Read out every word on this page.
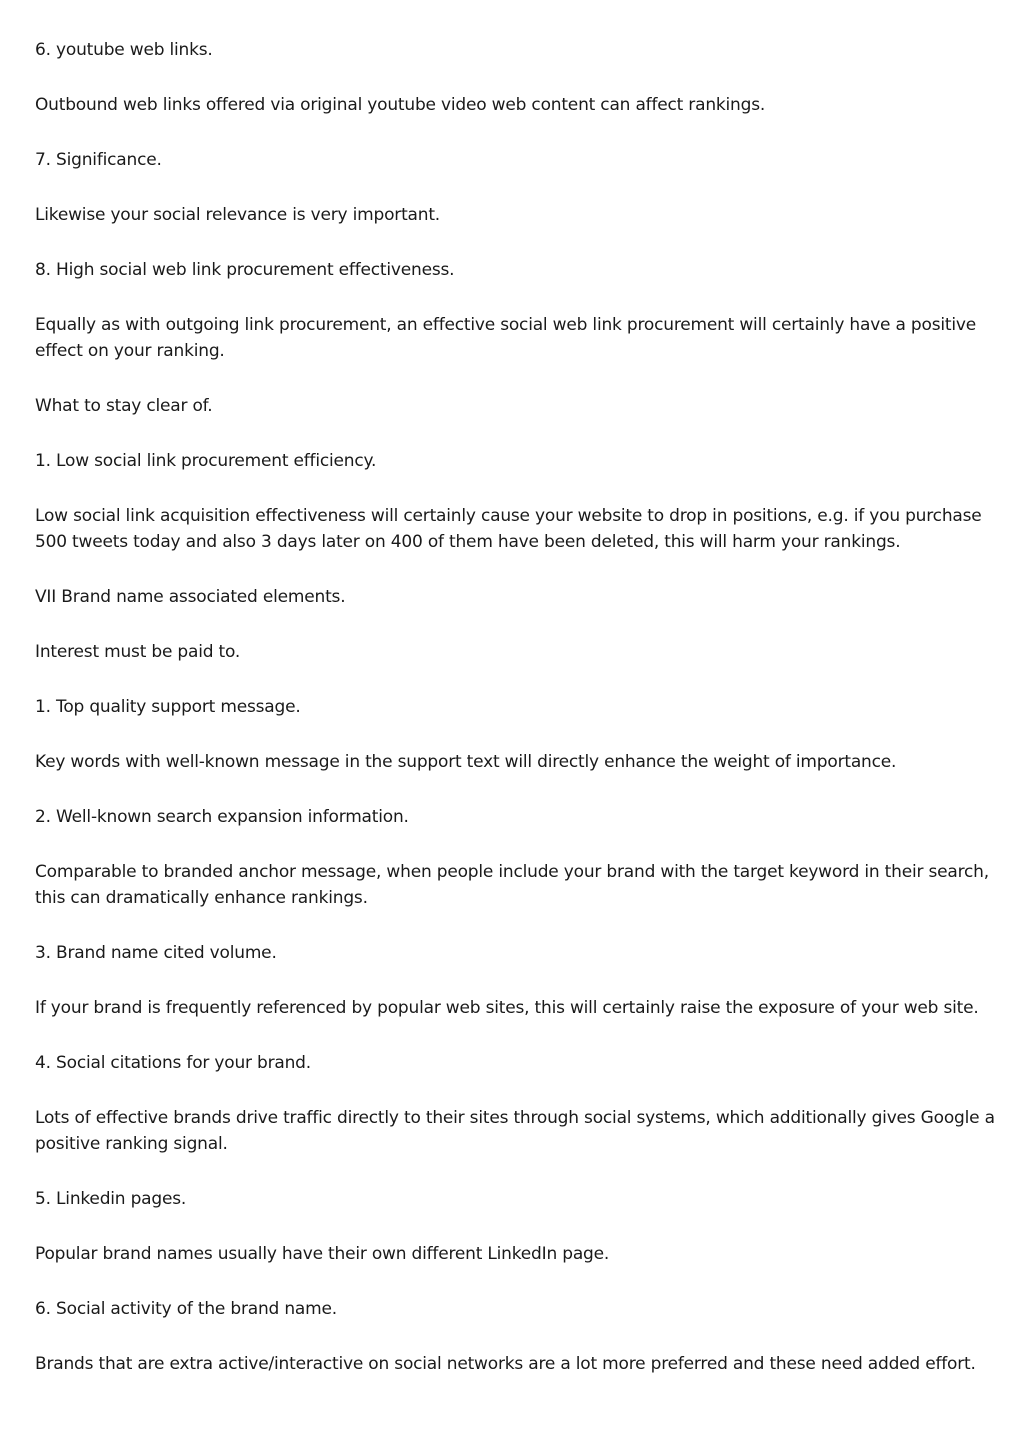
6. youtube web links.

Outbound web links offered via original youtube video web content can affect rankings.

7. Significance.

Likewise your social relevance is very important.

8. High social web link procurement effectiveness.

Equally as with outgoing link procurement, an effective social web link procurement will certainly have a positive effect on your ranking.

What to stay clear of.

1. Low social link procurement efficiency.

Low social link acquisition effectiveness will certainly cause your website to drop in positions, e.g. if you purchase 500 tweets today and also 3 days later on 400 of them have been deleted, this will harm your rankings.

VII Brand name associated elements.

Interest must be paid to.

1. Top quality support message.

Key words with well-known message in the support text will directly enhance the weight of importance.

2. Well-known search expansion information.

Comparable to branded anchor message, when people include your brand with the target keyword in their search, this can dramatically enhance rankings.

3. Brand name cited volume.

If your brand is frequently referenced by popular web sites, this will certainly raise the exposure of your web site.

4. Social citations for your brand.

Lots of effective brands drive traffic directly to their sites through social systems, which additionally gives Google a positive ranking signal.

5. Linkedin pages.

Popular brand names usually have their own different LinkedIn page.

6. Social activity of the brand name.

Brands that are extra active/interactive on social networks are a lot more preferred and these need added effort.
